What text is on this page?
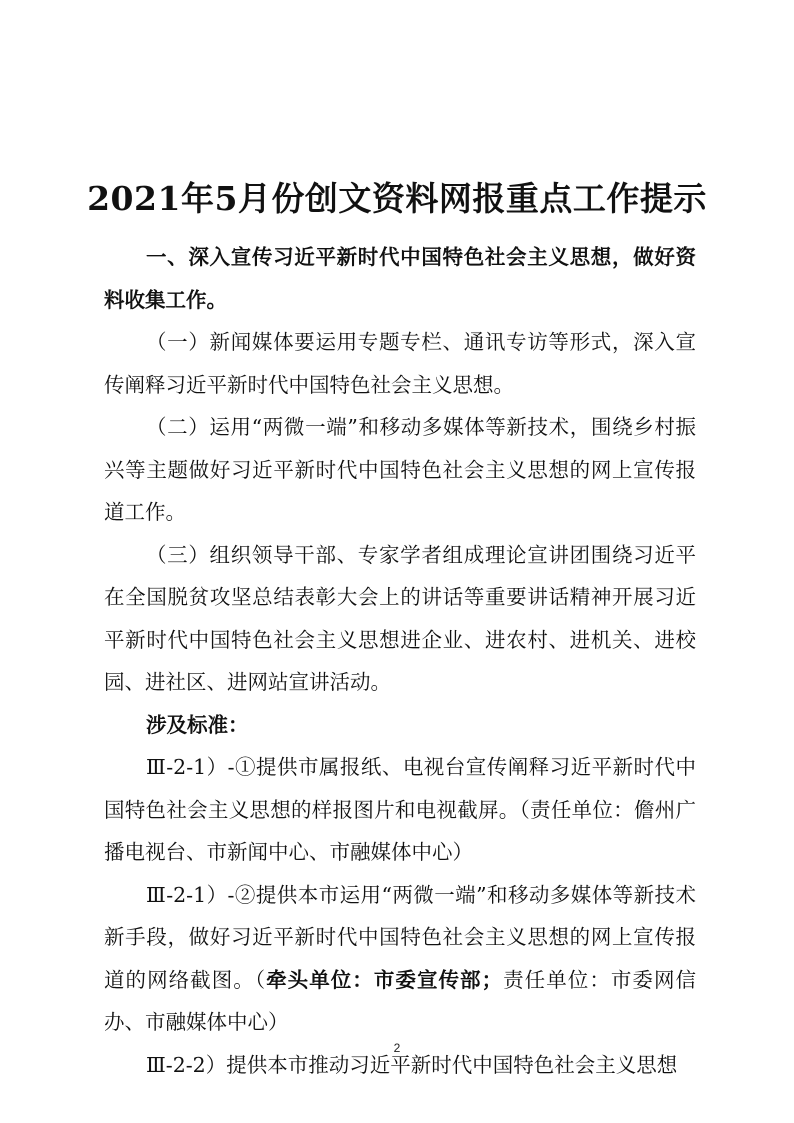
2021年5月份创文资料网报重点工作提示

一、深入宣传习近平新时代中国特色社会主义思想，做好资料收集工作。

（一）新闻媒体要运用专题专栏、通讯专访等形式，深入宣传阐释习近平新时代中国特色社会主义思想。

（二）运用“两微一端”和移动多媒体等新技术，围绕乡村振兴等主题做好习近平新时代中国特色社会主义思想的网上宣传报道工作。

（三）组织领导干部、专家学者组成理论宣讲团围绕习近平在全国脱贫攻坚总结表彰大会上的讲话等重要讲话精神开展习近平新时代中国特色社会主义思想进企业、进农村、进机关、进校园、进社区、进网站宣讲活动。

涉及标准：

Ⅲ-2-1）-①提供市属报纸、电视台宣传阐释习近平新时代中国特色社会主义思想的样报图片和电视截屏。（责任单位：儋州广播电视台、市新闻中心、市融媒体中心）

Ⅲ-2-1）-②提供本市运用“两微一端”和移动多媒体等新技术新手段，做好习近平新时代中国特色社会主义思想的网上宣传报道的网络截图。（牵头单位：市委宣传部；责任单位：市委网信办、市融媒体中心）

Ⅲ-2-2）提供本市推动习近平新时代中国特色社会主义思想

2
